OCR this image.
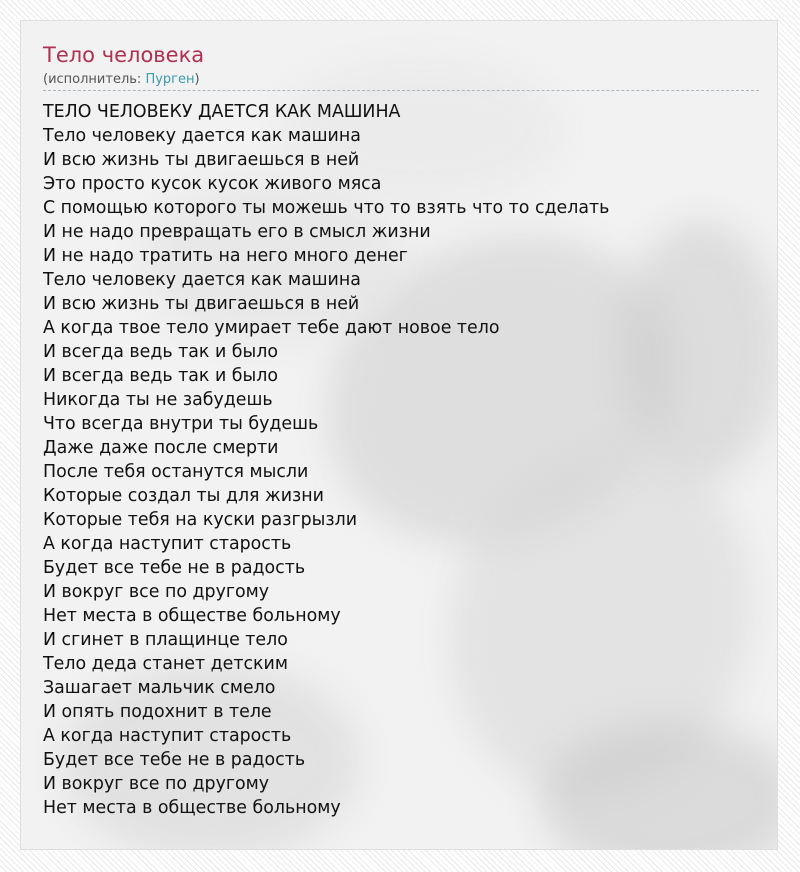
Тело человека
(исполнитель: Пурген)
ТЕЛО ЧЕЛОВЕКУ ДАЕТСЯ КАК МАШИНА
Тело человеку дается как машина
И всю жизнь ты двигаешься в ней
Это просто кусок кусок живого мяса
С помощью которого ты можешь что то взять что то сделать
И не надо превращать его в смысл жизни
И не надо тратить на него много денег
Тело человеку дается как машина
И всю жизнь ты двигаешься в ней
А когда твое тело умирает тебе дают новое тело
И всегда ведь так и было
И всегда ведь так и было
Никогда ты не забудешь
Что всегда внутри ты будешь
Даже даже после смерти
После тебя останутся мысли
Которые создал ты для жизни
Которые тебя на куски разгрызли
А когда наступит старость
Будет все тебе не в радость
И вокруг все по другому
Нет места в обществе больному
И сгинет в плащинце тело
Тело деда станет детским
Зашагает мальчик смело
И опять подохнит в теле
А когда наступит старость
Будет все тебе не в радость
И вокруг все по другому
Нет места в обществе больному
